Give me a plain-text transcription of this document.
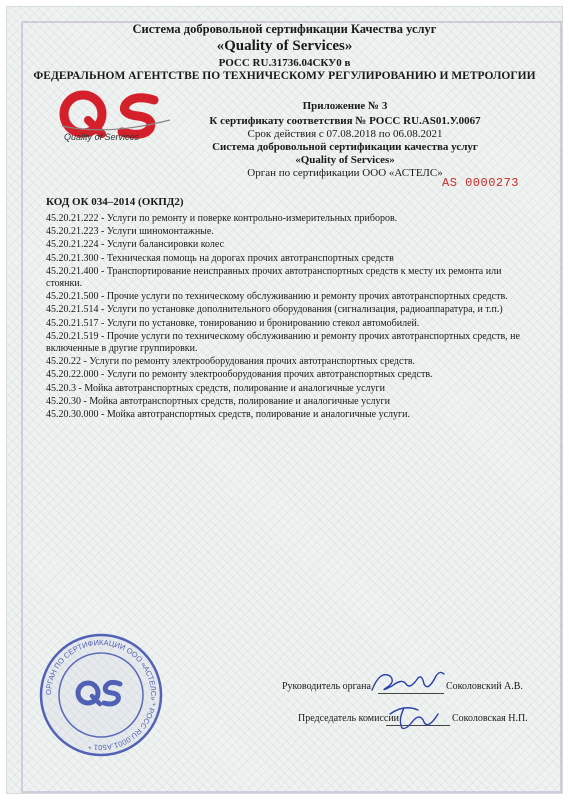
Система добровольной сертификации Качества услуг
«Quality of Services»
РОСС RU.31736.04СКУ0 в
ФЕДЕРАЛЬНОМ АГЕНТСТВЕ ПО ТЕХНИЧЕСКОМУ РЕГУЛИРОВАНИЮ И МЕТРОЛОГИИ
Quality of Services
Приложение № 3
К сертификату соответствия № РОСС RU.AS01.У.0067
Срок действия с 07.08.2018 по 06.08.2021
Система добровольной сертификации качества услуг
«Quality of Services»
Орган по сертификации ООО «АСТЕЛС»
AS 0000273
КОД ОК 034–2014 (ОКПД2)
45.20.21.222 - Услуги по ремонту и поверке контрольно-измерительных приборов.
45.20.21.223 - Услуги шиномонтажные.
45.20.21.224 - Услуги балансировки колес
45.20.21.300 - Техническая помощь на дорогах прочих автотранспортных средств
45.20.21.400 - Транспортирование неисправных прочих автотранспортных средств к месту их ремонта или стоянки.
45.20.21.500 - Прочие услуги по техническому обслуживанию и ремонту прочих автотранспортных средств.
45.20.21.514 - Услуги по установке дополнительного оборудования (сигнализация, радиоаппаратура, и т.п.)
45.20.21.517 - Услуги по установке, тонированию и бронированию стекол автомобилей.
45.20.21.519 - Прочие услуги по техническому обслуживанию и ремонту прочих автотранспортных средств, не включенные в другие группировки.
45.20.22 - Услуги по ремонту электрооборудования прочих автотранспортных средств.
45.20.22.000 - Услуги по ремонту электрооборудования прочих автотранспортных средств.
45.20.3 - Мойка автотранспортных средств, полирование и аналогичные услуги
45.20.30 - Мойка автотранспортных средств, полирование и аналогичные услуги
45.20.30.000 - Мойка автотранспортных средств, полирование и аналогичные услуги.
ОРГАН ПО СЕРТИФИКАЦИИ ООО «АСТЕЛС» * РОСС RU.0001.A501 *
Руководитель органа	Соколовский А.В.
Председатель комиссии	Соколовская Н.П.
